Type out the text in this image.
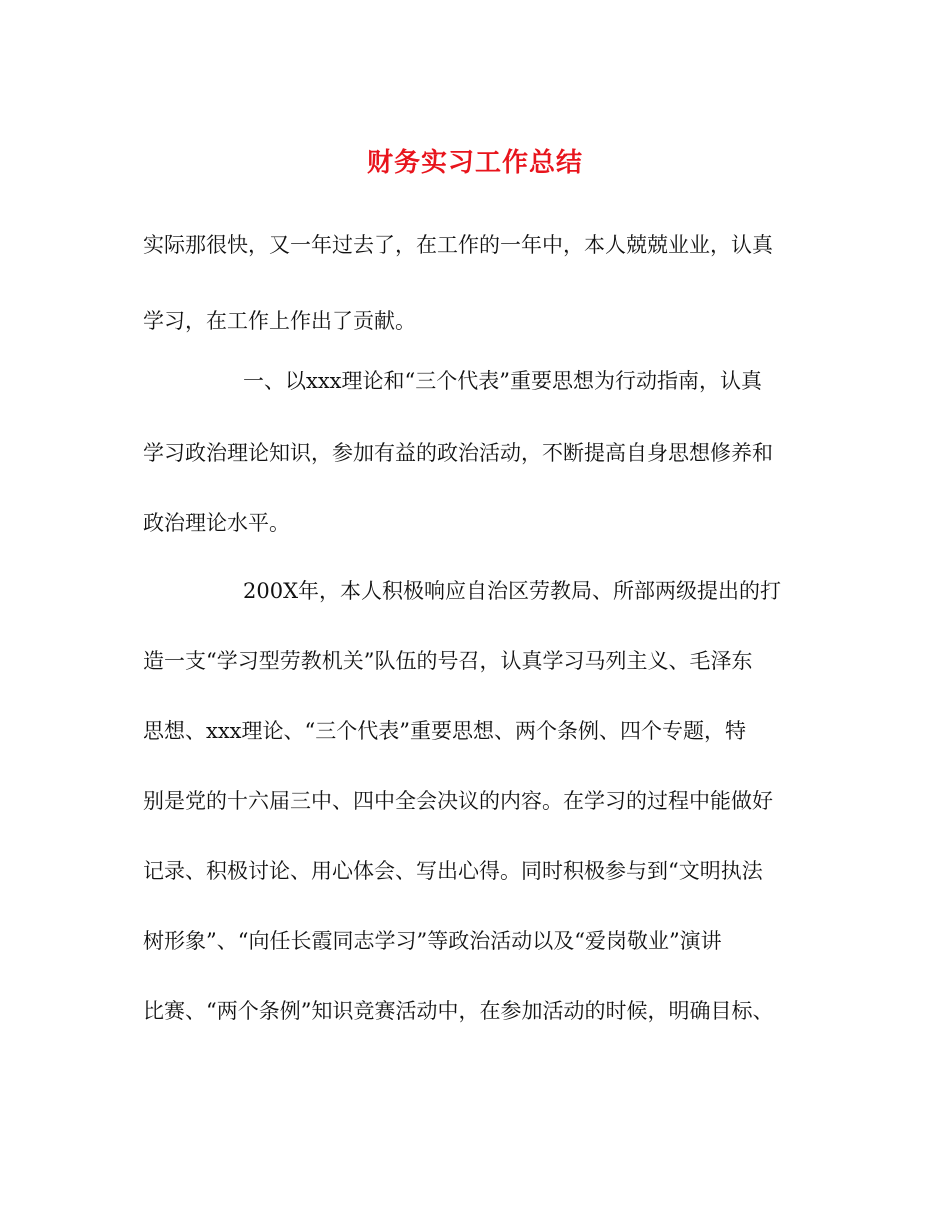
财务实习工作总结

实际那很快，又一年过去了，在工作的一年中，本人兢兢业业，认真

学习，在工作上作出了贡献。

一、以xxx理论和“三个代表”重要思想为行动指南，认真

学习政治理论知识，参加有益的政治活动，不断提高自身思想修养和

政治理论水平。

200X年，本人积极响应自治区劳教局、所部两级提出的打

造一支“学习型劳教机关”队伍的号召，认真学习马列主义、毛泽东

思想、xxx理论、“三个代表”重要思想、两个条例、四个专题，特

别是党的十六届三中、四中全会决议的内容。在学习的过程中能做好

记录、积极讨论、用心体会、写出心得。同时积极参与到“文明执法

树形象”、“向任长霞同志学习”等政治活动以及“爱岗敬业”演讲

比赛、“两个条例”知识竞赛活动中，在参加活动的时候，明确目标、
